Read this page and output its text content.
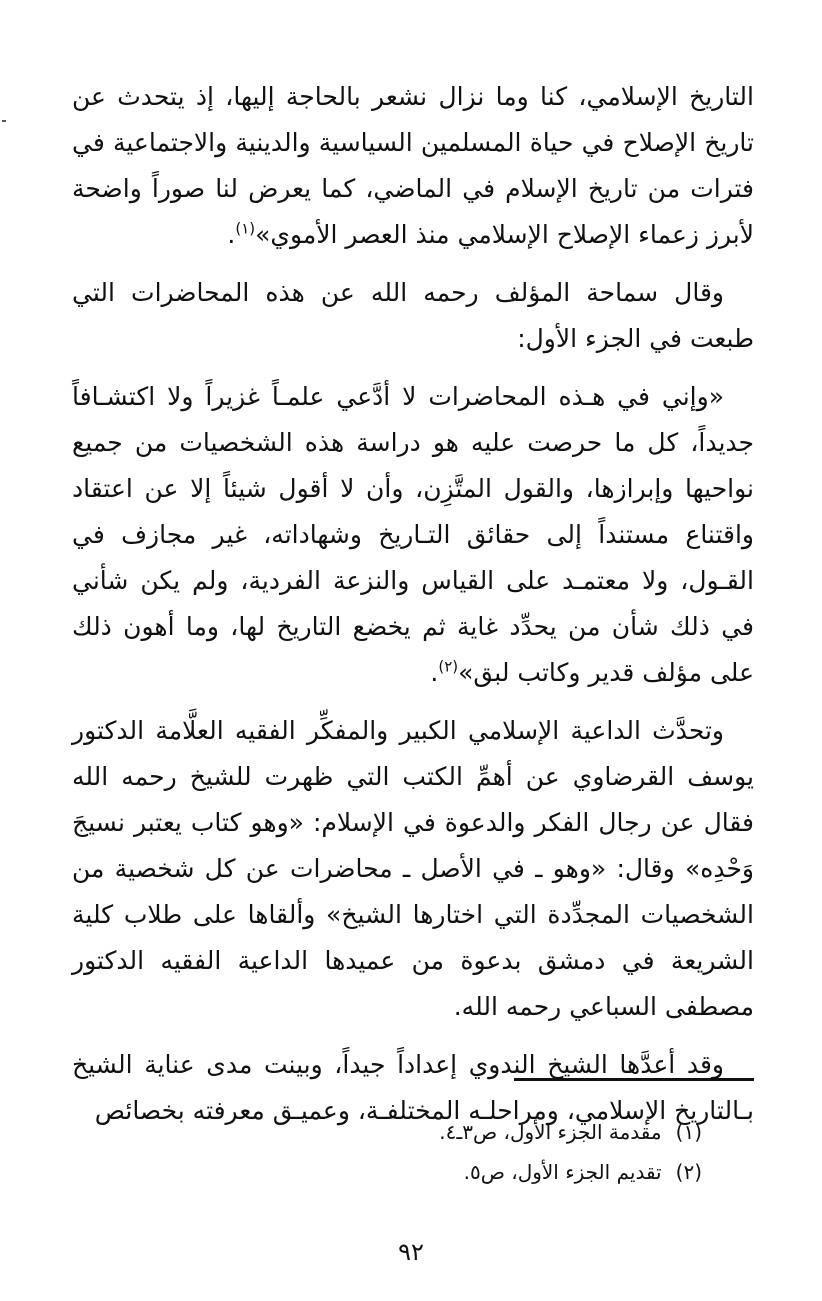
التاريخ الإسلامي، كنا وما نزال نشعر بالحاجة إليها، إذ يتحدث عن تاريخ الإصلاح في حياة المسلمين السياسية والدينية والاجتماعية في فترات من تاريخ الإسلام في الماضي، كما يعرض لنا صوراً واضحة لأبرز زعماء الإصلاح الإسلامي منذ العصر الأموي»$^{(١)}$.

وقال سماحة المؤلف رحمه الله عن هذه المحاضرات التي طبعت في الجزء الأول:

«وإني في هـذه المحاضرات لا أدَّعي علمـاً غزيراً ولا اكتشـافاً جديداً، كل ما حرصت عليه هو دراسة هذه الشخصيات من جميع نواحيها وإبرازها، والقول المتَّزِن، وأن لا أقول شيئاً إلا عن اعتقاد واقتناع مستنداً إلى حقائق التـاريخ وشهاداته، غير مجازف في القـول، ولا معتمـد على القياس والنزعة الفردية، ولم يكن شأني في ذلك شأن من يحدِّد غاية ثم يخضع التاريخ لها، وما أهون ذلك على مؤلف قدير وكاتب لبق»$^{(٢)}$.

وتحدَّث الداعية الإسلامي الكبير والمفكِّر الفقيه العلَّامة الدكتور يوسف القرضاوي عن أهمِّ الكتب التي ظهرت للشيخ رحمه الله فقال عن رجال الفكر والدعوة في الإسلام: «وهو كتاب يعتبر نسيجَ وَحْدِه» وقال: «وهو ـ في الأصل ـ محاضرات عن كل شخصية من الشخصيات المجدِّدة التي اختارها الشيخ» وألقاها على طلاب كلية الشريعة في دمشق بدعوة من عميدها الداعية الفقيه الدكتور مصطفى السباعي رحمه الله.

وقد أعدَّها الشيخ الندوي إعداداً جيداً، وبينت مدى عناية الشيخ بـالتاريخ الإسلامي، ومراحلـه المختلفـة، وعميـق معرفته بخصائص

(١)مقدمة الجزء الأول، ص٣ـ٤.
(٢)تقديم الجزء الأول، ص٥.
٩٢
